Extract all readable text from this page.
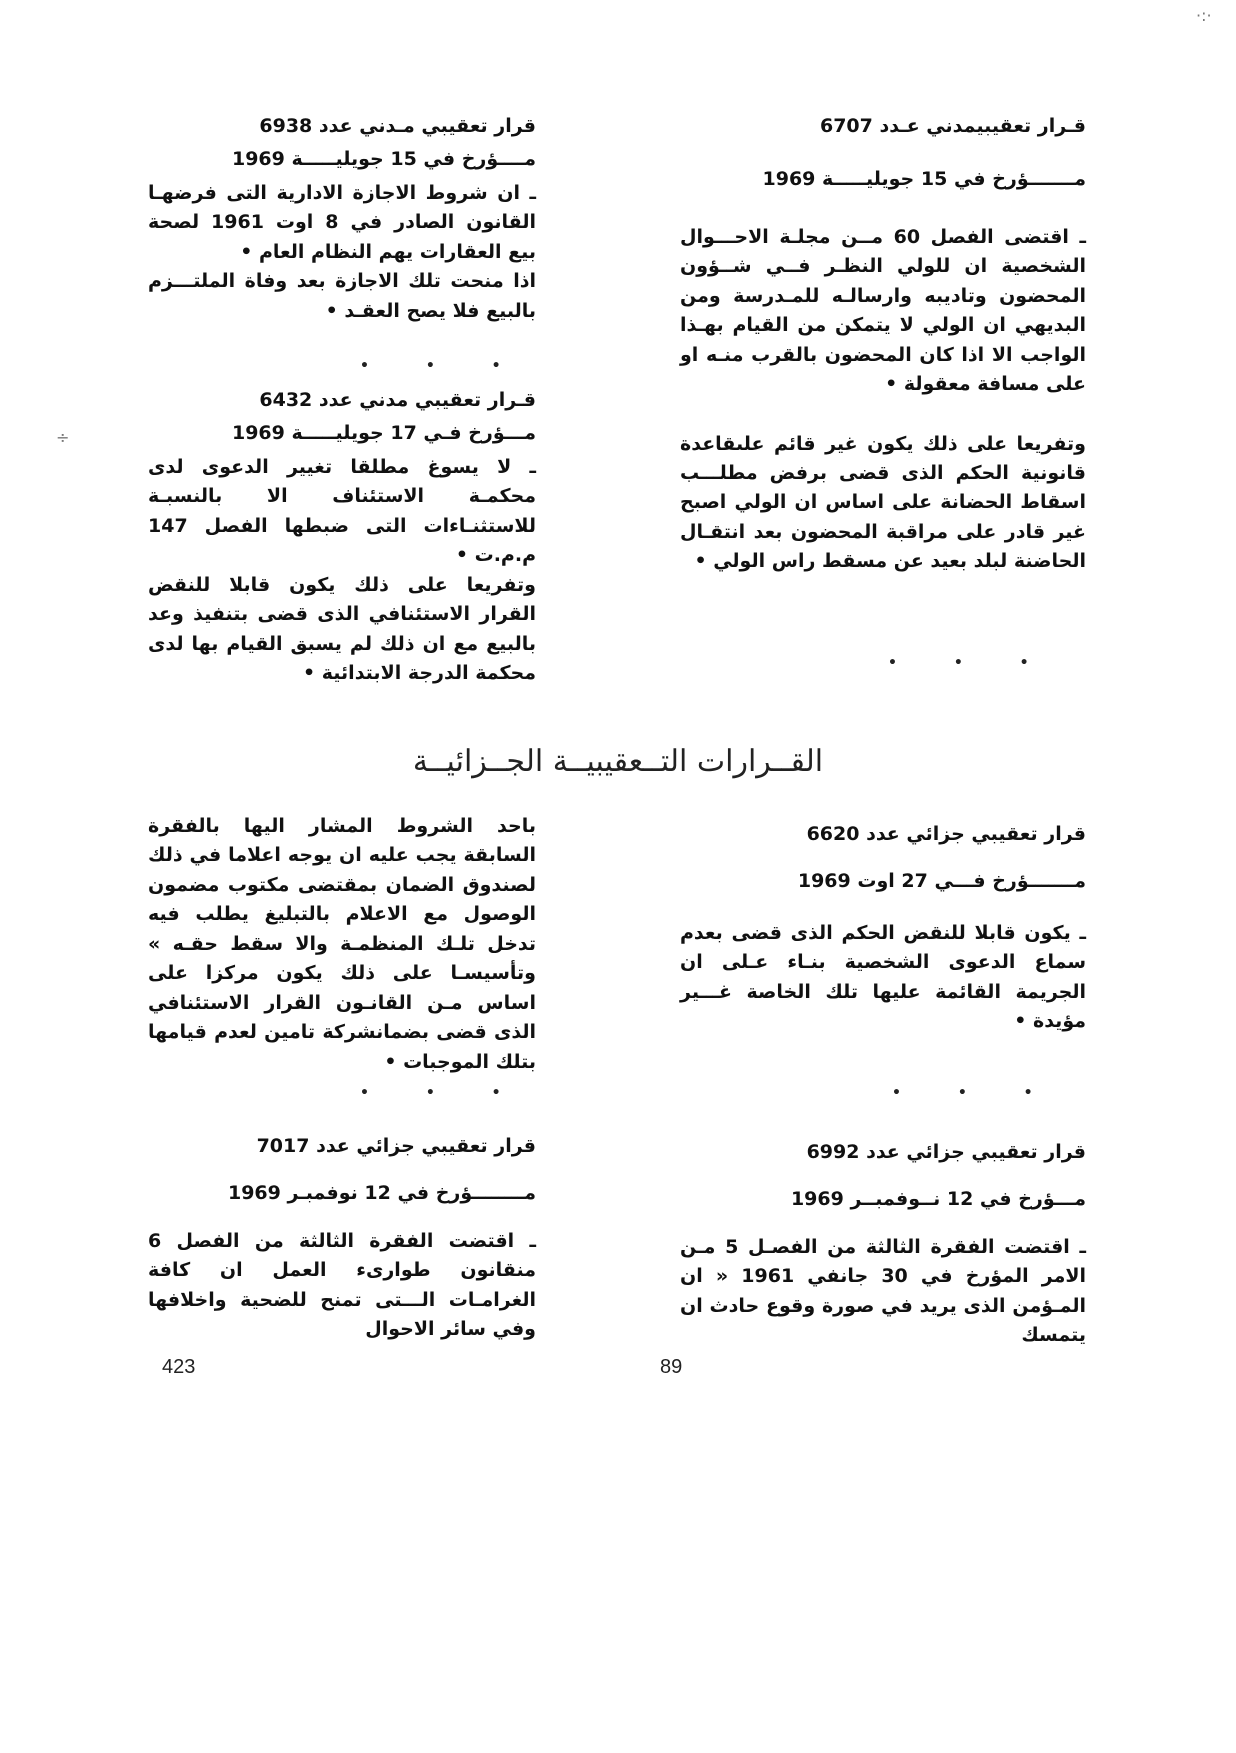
قـرار تعقيبيمدني عـدد 6707

مـــــــؤرخ في 15 جويليـــــة 1969

ـ اقتضى الفصل 60 مــن مجلـة الاحـــوال الشخصية ان للولي النظـر فــي شــؤون المحضون وتاديبه وارسالـه للمـدرسة ومن البديهي ان الولي لا يتمكن من القيام بهـذا الواجب الا اذا كان المحضون بالقرب منـه او على مسافة معقولة •

وتفريعا على ذلك يكون غير قائم علىقاعدة قانونية الحكم الذى قضى برفض مطلـــب اسقاط الحضانة على اساس ان الولي اصبح غير قادر على مراقبة المحضون بعد انتقـال الحاضنة لبلد بعيد عن مسقط راس الولي •

• • •

قرار تعقيبي مـدني عدد 6938

مــــؤرخ في 15 جويليـــــة 1969

ـ ان شروط الاجازة الادارية التى فرضهـا القانون الصادر في 8 اوت 1961 لصحة بيع العقارات يهم النظام العام •

اذا منحت تلك الاجازة بعد وفاة الملتـــزم بالبيع فلا يصح العقـد •

• • •

قـرار تعقيبي مدني عدد 6432

مـــؤرخ فـي 17 جويليـــــة 1969

ـ لا يسوغ مطلقا تغيير الدعوى لدى محكمـة الاستئناف الا بالنسبـة للاستثنـاءات التى ضبطها الفصل 147 م.م.ت •

وتفريعا على ذلك يكون قابلا للنقض القرار الاستئنافي الذى قضى بتنفيذ وعد بالبيع مع ان ذلك لم يسبق القيام بها لدى محكمة الدرجة الابتدائية •

القــرارات التــعقيبيــة الجــزائيــة

قرار تعقيبي جزائي عدد 6620

مـــــــؤرخ فـــي 27 اوت 1969

ـ يكون قابلا للنقض الحكم الذى قضى بعدم سماع الدعوى الشخصية بنـاء عـلى ان الجريمة القائمة عليها تلك الخاصة غـــير مؤيدة •

• • •

قرار تعقيبي جزائي عدد 6992

مـــؤرخ في 12 نــوفمبــر 1969

ـ اقتضت الفقرة الثالثة من الفصـل 5 مـن الامر المؤرخ في 30 جانفي 1961 « ان المـؤمن الذى يريد في صورة وقوع حادث ان يتمسك

باحد الشروط المشار اليها بالفقرة السابقة يجب عليه ان يوجه اعلاما في ذلك لصندوق الضمان بمقتضى مكتوب مضمون الوصول مع الاعلام بالتبليغ يطلب فيه تدخل تلـك المنظمـة والا سقط حقـه » وتأسيسـا على ذلك يكون مركزا على اساس مـن القانـون القرار الاستئنافي الذى قضى بضمانشركة تامين لعدم قيامها بتلك الموجبات •

• • •

قرار تعقيبي جزائي عدد 7017

مــــــــؤرخ في 12 نوفمبـر 1969

ـ اقتضت الفقرة الثالثة من الفصل 6 منقانون طوارىء العمل ان كافة الغرامـات الـــتى تمنح للضحية واخلافها وفي سائر الاحوال

423	89
·:·
÷
